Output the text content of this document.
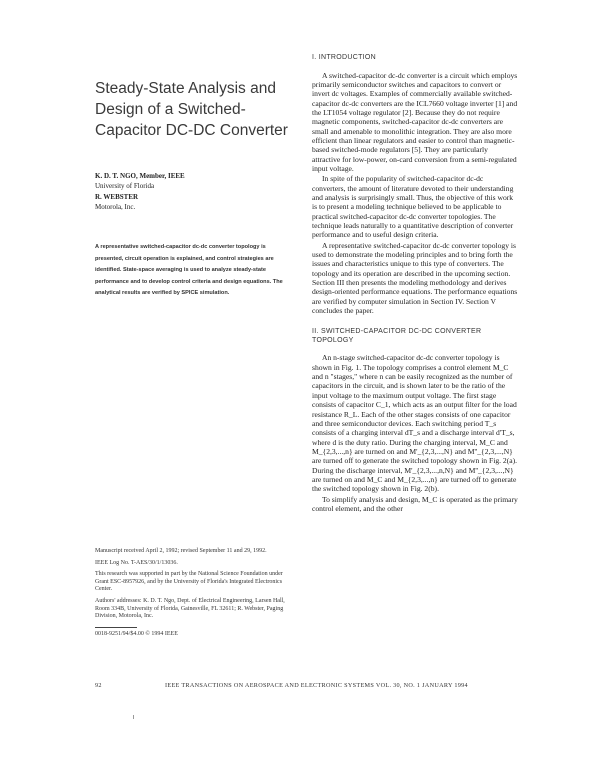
Steady-State Analysis and Design of a Switched-Capacitor DC-DC Converter
K. D. T. NGO, Member, IEEE
University of Florida
R. WEBSTER
Motorola, Inc.
A representative switched-capacitor dc-dc converter topology is presented, circuit operation is explained, and control strategies are identified. State-space averaging is used to analyze steady-state performance and to develop control criteria and design equations. The analytical results are verified by SPICE simulation.

Manuscript received April 2, 1992; revised September 11 and 29, 1992.

IEEE Log No. T-AES/30/1/13036.

This research was supported in part by the National Science Foundation under Grant ESC-8957926, and by the University of Florida's Integrated Electronics Center.

Authors' addresses: K. D. T. Ngo, Dept. of Electrical Engineering, Larsen Hall, Room 334B, University of Florida, Gainesville, FL 32611; R. Webster, Paging Division, Motorola, Inc.

0018-9251/94/$4.00 © 1994 IEEE

I. INTRODUCTION

A switched-capacitor dc-dc converter is a circuit which employs primarily semiconductor switches and capacitors to convert or invert dc voltages. Examples of commercially available switched-capacitor dc-dc converters are the ICL7660 voltage inverter [1] and the LT1054 voltage regulator [2]. Because they do not require magnetic components, switched-capacitor dc-dc converters are small and amenable to monolithic integration. They are also more efficient than linear regulators and easier to control than magnetic-based switched-mode regulators [5]. They are particularly attractive for low-power, on-card conversion from a semi-regulated input voltage.

In spite of the popularity of switched-capacitor dc-dc converters, the amount of literature devoted to their understanding and analysis is surprisingly small. Thus, the objective of this work is to present a modeling technique believed to be applicable to practical switched-capacitor dc-dc converter topologies. The technique leads naturally to a quantitative description of converter performance and to useful design criteria.

A representative switched-capacitor dc-dc converter topology is used to demonstrate the modeling principles and to bring forth the issues and characteristics unique to this type of converters. The topology and its operation are described in the upcoming section. Section III then presents the modeling methodology and derives design-oriented performance equations. The performance equations are verified by computer simulation in Section IV. Section V concludes the paper.

II. SWITCHED-CAPACITOR DC-DC CONVERTER TOPOLOGY

An n-stage switched-capacitor dc-dc converter topology is shown in Fig. 1. The topology comprises a control element M_C and n "stages," where n can be easily recognized as the number of capacitors in the circuit, and is shown later to be the ratio of the input voltage to the maximum output voltage. The first stage consists of capacitor C_1, which acts as an output filter for the load resistance R_L. Each of the other stages consists of one capacitor and three semiconductor devices. Each switching period T_s consists of a charging interval dT_s and a discharge interval d'T_s, where d is the duty ratio. During the charging interval, M_C and M_{2,3,...,n} are turned on and M'_{2,3,...,N} and M''_{2,3,...,N} are turned off to generate the switched topology shown in Fig. 2(a). During the discharge interval, M'_{2,3,...,n,N} and M''_{2,3,...,N} are turned on and M_C and M_{2,3,...,n} are turned off to generate the switched topology shown in Fig. 2(b).

To simplify analysis and design, M_C is operated as the primary control element, and the other

92	IEEE TRANSACTIONS ON AEROSPACE AND ELECTRONIC SYSTEMS VOL. 30, NO. 1 JANUARY 1994
